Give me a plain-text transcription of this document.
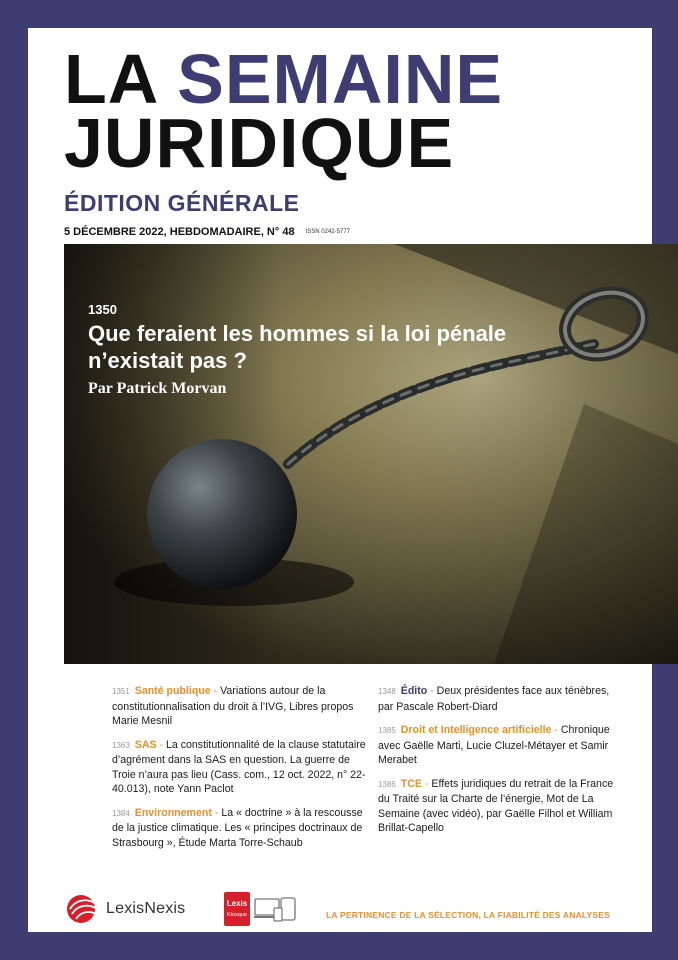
LA SEMAINE
JURIDIQUE
ÉDITION GÉNÉRALE
5 DÉCEMBRE 2022, HEBDOMADAIRE, N° 48 ISSN 0242-5777
1350
Que feraient les hommes si la loi pénale n’existait pas ?
Par Patrick Morvan
1351 Santé publique - Variations autour de la constitutionnalisation du droit à l’IVG, Libres propos Marie Mesnil
1363 SAS - La constitutionnalité de la clause statutaire d’agrément dans la SAS en question. La guerre de Troie n’aura pas lieu (Cass. com., 12 oct. 2022, n° 22-40.013), note Yann Paclot
1384 Environnement - La « doctrine » à la rescousse de la justice climatique. Les « principes doctrinaux de Strasbourg », Étude Marta Torre-Schaub
1348 Édito - Deux présidentes face aux ténèbres, par Pascale Robert-Diard
1385 Droit et Intelligence artificielle - Chronique avec Gaëlle Marti, Lucie Cluzel-Métayer et Samir Merabet
1386 TCE - Effets juridiques du retrait de la France du Traité sur la Charte de l’énergie, Mot de La Semaine (avec vidéo), par Gaëlle Filhol et William Brillat-Capello
LexisNexis	Lexis
Kiosque	LA PERTINENCE DE LA SÉLECTION, LA FIABILITÉ DES ANALYSES
